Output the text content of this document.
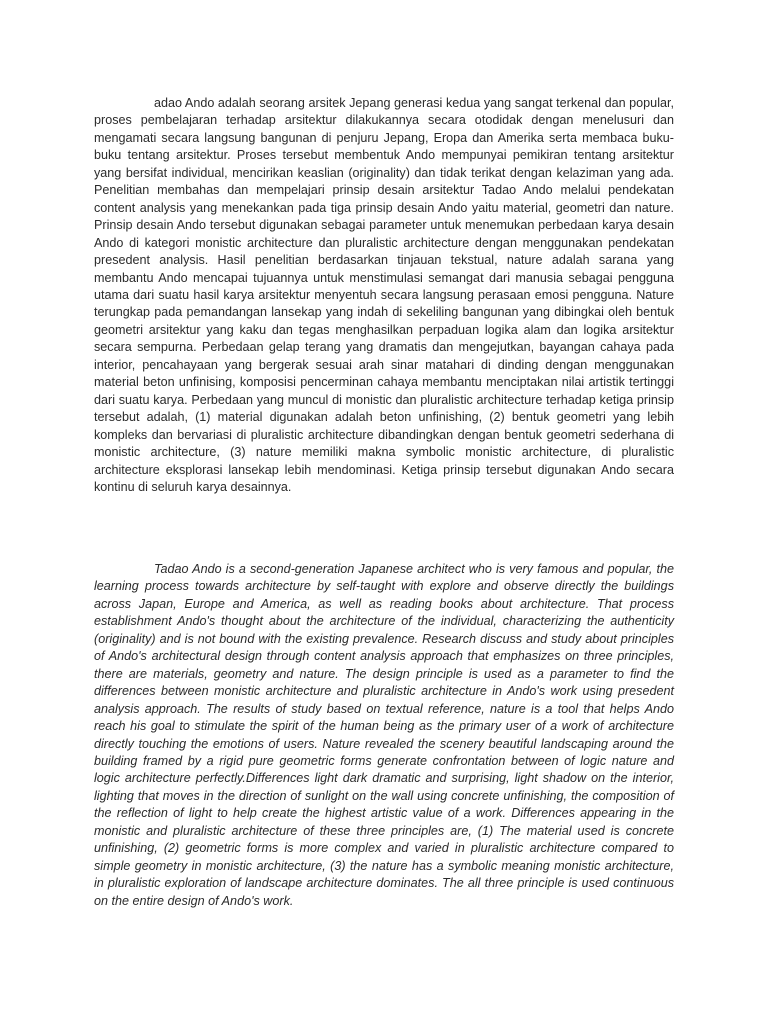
adao Ando adalah seorang arsitek Jepang generasi kedua yang sangat terkenal dan popular, proses pembelajaran terhadap arsitektur dilakukannya secara otodidak dengan menelusuri dan mengamati secara langsung bangunan di penjuru Jepang, Eropa dan Amerika serta membaca buku-buku tentang arsitektur. Proses tersebut membentuk Ando mempunyai pemikiran tentang arsitektur yang bersifat individual, mencirikan keaslian (originality) dan tidak terikat dengan kelaziman yang ada. Penelitian membahas dan mempelajari prinsip desain arsitektur Tadao Ando melalui pendekatan content analysis yang menekankan pada tiga prinsip desain Ando yaitu material, geometri dan nature. Prinsip desain Ando tersebut digunakan sebagai parameter untuk menemukan perbedaan karya desain Ando di kategori monistic architecture dan pluralistic architecture dengan menggunakan pendekatan presedent analysis. Hasil penelitian berdasarkan tinjauan tekstual, nature adalah sarana yang membantu Ando mencapai tujuannya untuk menstimulasi semangat dari manusia sebagai pengguna utama dari suatu hasil karya arsitektur menyentuh secara langsung perasaan emosi pengguna. Nature terungkap pada pemandangan lansekap yang indah di sekeliling bangunan yang dibingkai oleh bentuk geometri arsitektur yang kaku dan tegas menghasilkan perpaduan logika alam dan logika arsitektur secara sempurna. Perbedaan gelap terang yang dramatis dan mengejutkan, bayangan cahaya pada interior, pencahayaan yang bergerak sesuai arah sinar matahari di dinding dengan menggunakan material beton unfinising, komposisi pencerminan cahaya membantu menciptakan nilai artistik tertinggi dari suatu karya. Perbedaan yang muncul di monistic dan pluralistic architecture terhadap ketiga prinsip tersebut adalah, (1) material digunakan adalah beton unfinishing, (2) bentuk geometri yang lebih kompleks dan bervariasi di pluralistic architecture dibandingkan dengan bentuk geometri sederhana di monistic architecture, (3) nature memiliki makna symbolic monistic architecture, di pluralistic architecture eksplorasi lansekap lebih mendominasi. Ketiga prinsip tersebut digunakan Ando secara kontinu di seluruh karya desainnya.

Tadao Ando is a second-generation Japanese architect who is very famous and popular, the learning process towards architecture by self-taught with explore and observe directly the buildings across Japan, Europe and America, as well as reading books about architecture. That process establishment Ando's thought about the architecture of the individual, characterizing the authenticity (originality) and is not bound with the existing prevalence. Research discuss and study about principles of Ando's architectural design through content analysis approach that emphasizes on three principles, there are materials, geometry and nature. The design principle is used as a parameter to find the differences between monistic architecture and pluralistic architecture in Ando's work using presedent analysis approach. The results of study based on textual reference, nature is a tool that helps Ando reach his goal to stimulate the spirit of the human being as the primary user of a work of architecture directly touching the emotions of users. Nature revealed the scenery beautiful landscaping around the building framed by a rigid pure geometric forms generate confrontation between of logic nature and logic architecture perfectly.Differences light dark dramatic and surprising, light shadow on the interior, lighting that moves in the direction of sunlight on the wall using concrete unfinishing, the composition of the reflection of light to help create the highest artistic value of a work. Differences appearing in the monistic and pluralistic architecture of these three principles are, (1) The material used is concrete unfinishing, (2) geometric forms is more complex and varied in pluralistic architecture compared to simple geometry in monistic architecture, (3) the nature has a symbolic meaning monistic architecture, in pluralistic exploration of landscape architecture dominates. The all three principle is used continuous on the entire design of Ando's work.
